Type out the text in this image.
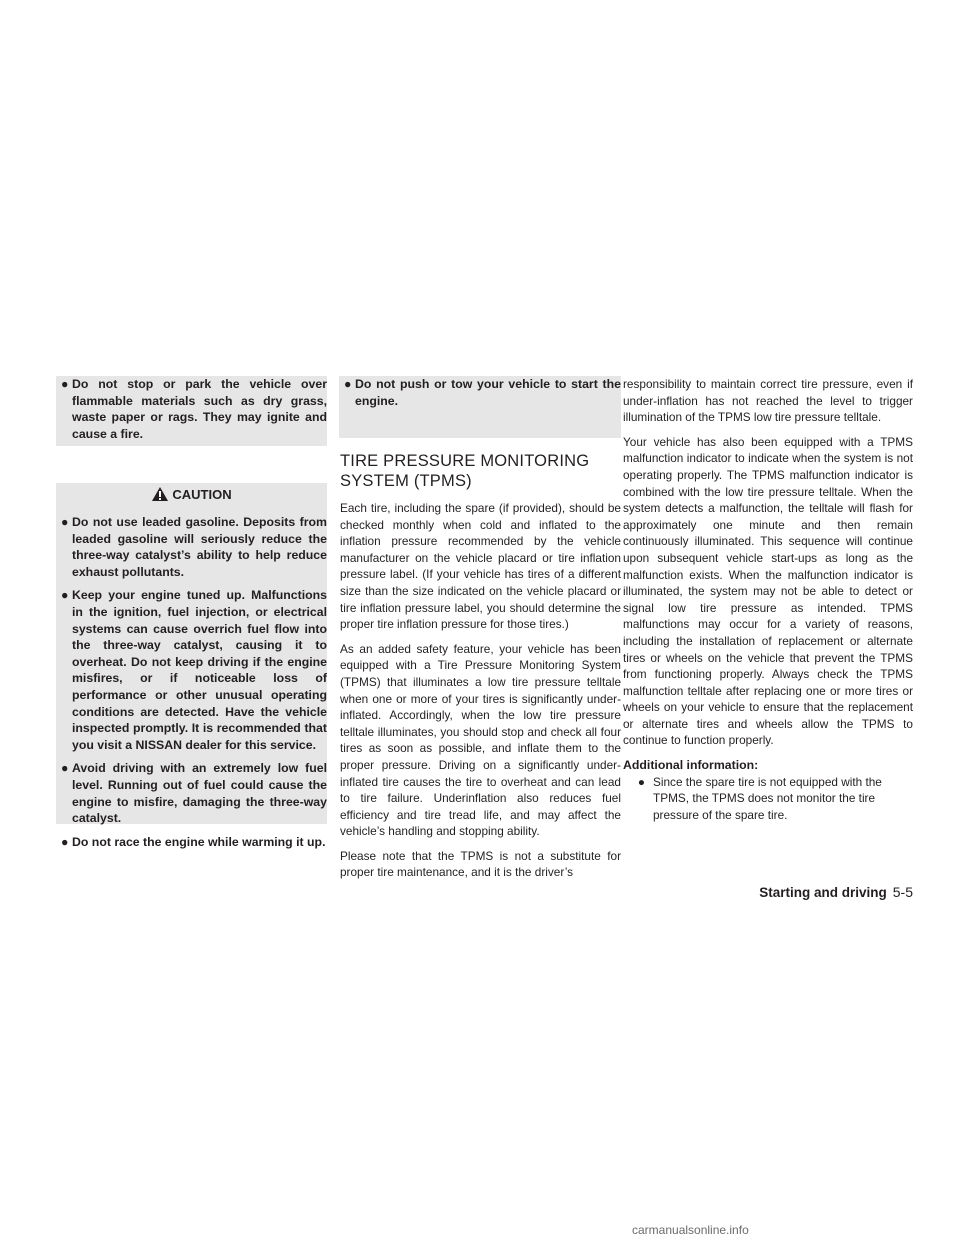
● Do not stop or park the vehicle over flammable materials such as dry grass, waste paper or rags. They may ignite and cause a fire.
CAUTION
● Do not use leaded gasoline. Deposits from leaded gasoline will seriously reduce the three-way catalyst’s ability to help reduce exhaust pollutants.
● Keep your engine tuned up. Malfunctions in the ignition, fuel injection, or electrical systems can cause overrich fuel flow into the three-way catalyst, causing it to overheat. Do not keep driving if the engine misfires, or if noticeable loss of performance or other unusual operating conditions are detected. Have the vehicle inspected promptly. It is recommended that you visit a NISSAN dealer for this service.
● Avoid driving with an extremely low fuel level. Running out of fuel could cause the engine to misfire, damaging the three-way catalyst.
● Do not race the engine while warming it up.
● Do not push or tow your vehicle to start the engine.
TIRE PRESSURE MONITORING SYSTEM (TPMS)

Each tire, including the spare (if provided), should be checked monthly when cold and inflated to the inflation pressure recommended by the vehicle manufacturer on the vehicle placard or tire inflation pressure label. (If your vehicle has tires of a different size than the size indicated on the vehicle placard or tire inflation pressure label, you should determine the proper tire inflation pressure for those tires.)

As an added safety feature, your vehicle has been equipped with a Tire Pressure Monitoring System (TPMS) that illuminates a low tire pressure telltale when one or more of your tires is significantly under-inflated. Accordingly, when the low tire pressure telltale illuminates, you should stop and check all four tires as soon as possible, and inflate them to the proper pressure. Driving on a significantly under-inflated tire causes the tire to overheat and can lead to tire failure. Underinflation also reduces fuel efficiency and tire tread life, and may affect the vehicle’s handling and stopping ability.

Please note that the TPMS is not a substitute for proper tire maintenance, and it is the driver’s

responsibility to maintain correct tire pressure, even if under-inflation has not reached the level to trigger illumination of the TPMS low tire pressure telltale.

Your vehicle has also been equipped with a TPMS malfunction indicator to indicate when the system is not operating properly. The TPMS malfunction indicator is combined with the low tire pressure telltale. When the system detects a malfunction, the telltale will flash for approximately one minute and then remain continuously illuminated. This sequence will continue upon subsequent vehicle start-ups as long as the malfunction exists. When the malfunction indicator is illuminated, the system may not be able to detect or signal low tire pressure as intended. TPMS malfunctions may occur for a variety of reasons, including the installation of replacement or alternate tires or wheels on the vehicle that prevent the TPMS from functioning properly. Always check the TPMS malfunction telltale after replacing one or more tires or wheels on your vehicle to ensure that the replacement or alternate tires and wheels allow the TPMS to continue to function properly.

Additional information:

● Since the spare tire is not equipped with the TPMS, the TPMS does not monitor the tire pressure of the spare tire.
Starting and driving 5-5
carmanualsonline.info
